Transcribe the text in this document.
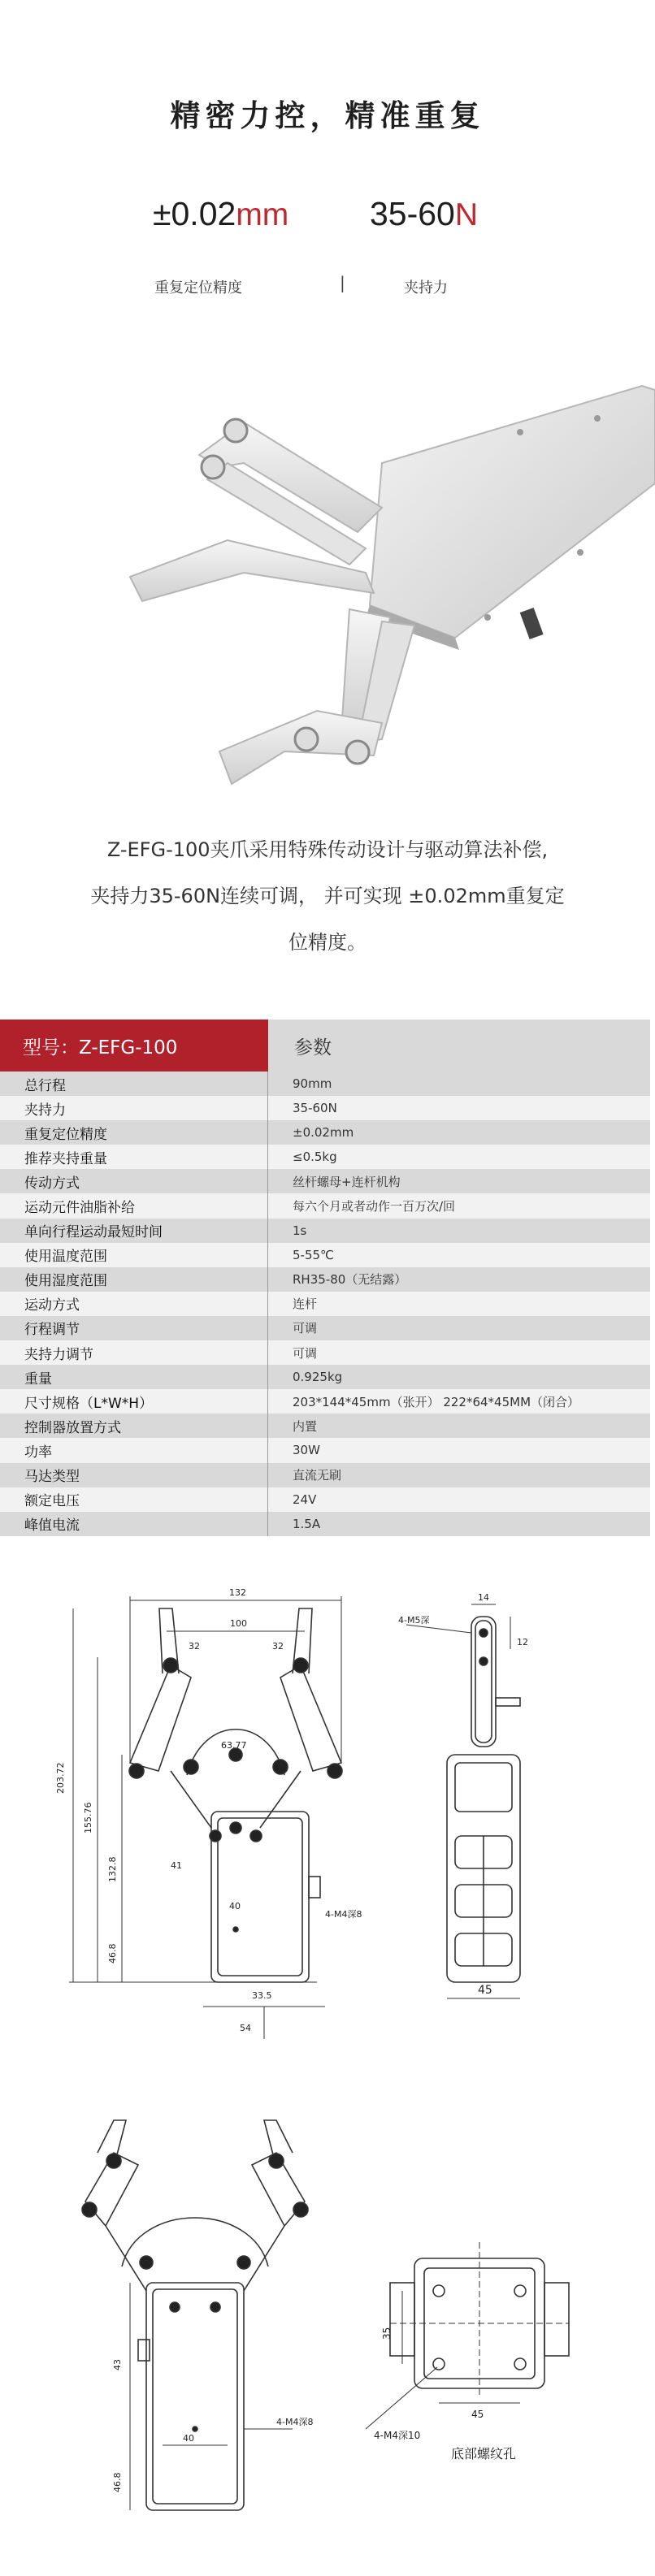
精密力控，精准重复
±0.02mm 35-60N
重复定位精度	|	夹持力
Z-EFG-100夹爪采用特殊传动设计与驱动算法补偿,
夹持力35-60N连续可调， 并可实现 ±0.02mm重复定
位精度。
型号：Z-EFG-100	参数
总行程	90mm
夹持力	35-60N
重复定位精度	±0.02mm
推荐夹持重量	≤0.5kg
传动方式	丝杆螺母+连杆机构
运动元件油脂补给	每六个月或者动作一百万次/回
单向行程运动最短时间	1s
使用温度范围	5-55℃
使用湿度范围	RH35-80（无结露）
运动方式	连杆
行程调节	可调
夹持力调节	可调
重量	0.925kg
尺寸规格（L*W*H）	203*144*45mm（张开） 222*64*45MM（闭合）
控制器放置方式	内置
功率	30W
马达类型	直流无刷
额定电压	24V
峰值电流	1.5A
132
100
32	32
63.77
203.72
155.76
132.8	41
40
46.8
33.5
54
4-M4深8
14
4-M5深
12
45
43
40
46.8
4-M4深8
35
45
4-M4深10
底部螺纹孔
